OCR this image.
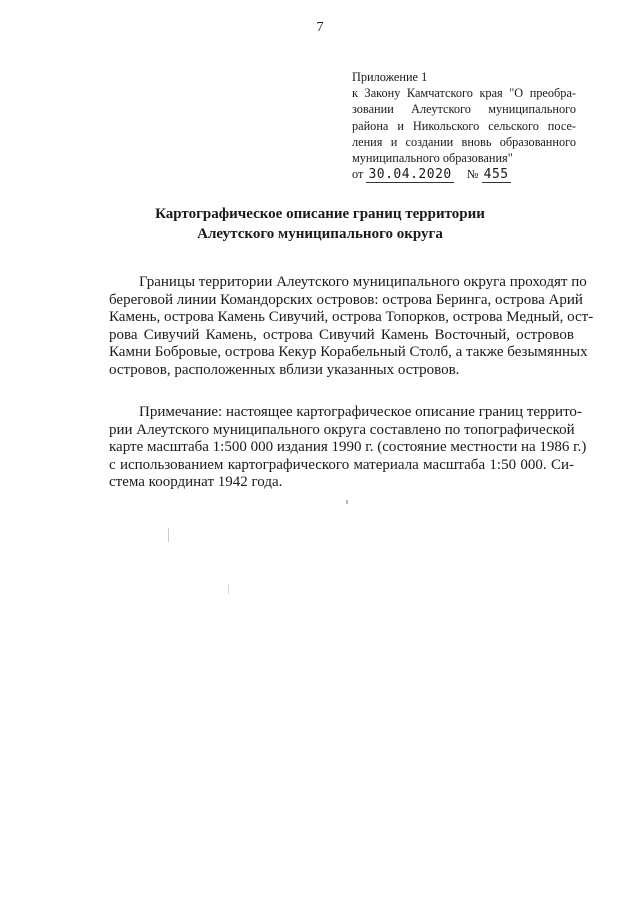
7
Приложение 1
к Закону Камчатского края "О преобра-
зовании Алеутского муниципального
района и Никольского сельского посе-
ления и создании вновь образованного
муниципального образования"
от 30.04.2020 № 455
Картографическое описание границ территории
Алеутского муниципального округа
Границы территории Алеутского муниципального округа проходят по
береговой линии Командорских островов: острова Беринга, острова Арий
Камень, острова Камень Сивучий, острова Топорков, острова Медный, ост-
рова Сивучий Камень, острова Сивучий Камень Восточный, островов
Камни Бобровые, острова Кекур Корабельный Столб, а также безымянных
островов, расположенных вблизи указанных островов.
Примечание: настоящее картографическое описание границ террито-
рии Алеутского муниципального округа составлено по топографической
карте масштаба 1:500 000 издания 1990 г. (состояние местности на 1986 г.)
с использованием картографического материала масштаба 1:50 000. Си-
стема координат 1942 года.
